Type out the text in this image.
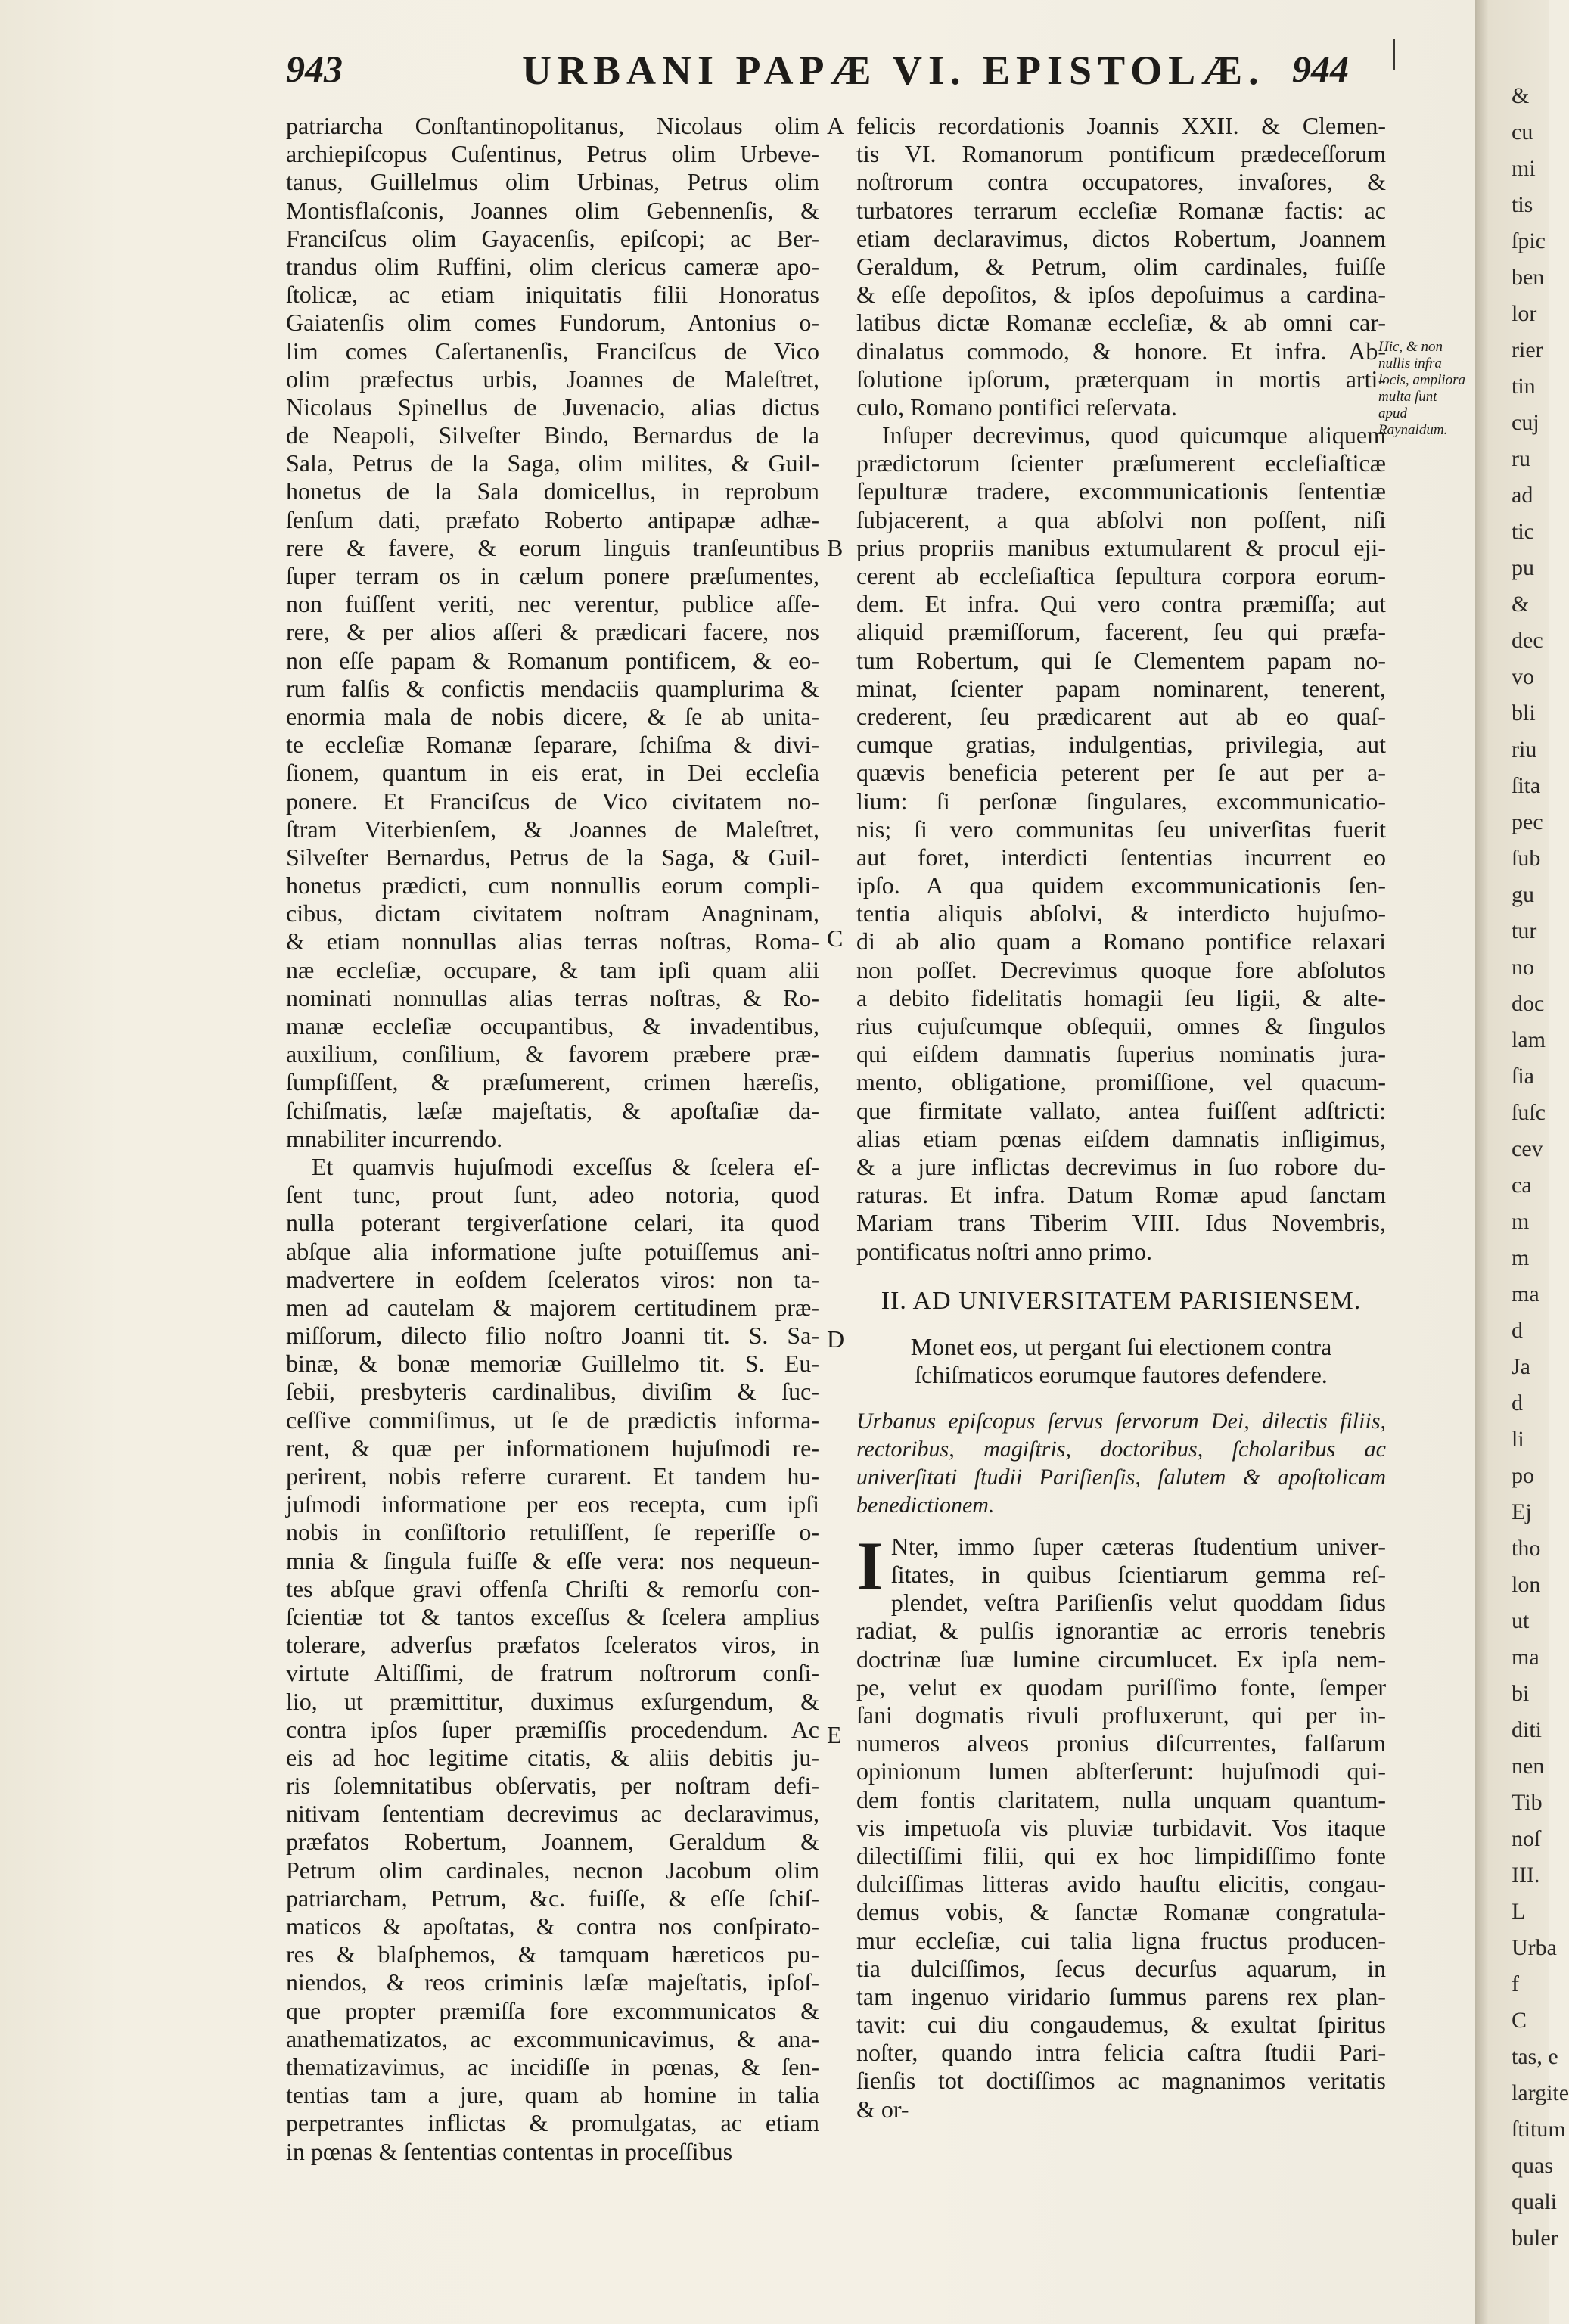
943	URBANI PAPÆ VI. EPISTOLÆ. 944
patriarcha Conſtantinopolitanus, Nicolaus olim
archiepiſcopus Cuſentinus, Petrus olim Urbeve-
tanus, Guillelmus olim Urbinas, Petrus olim
Montisflaſconis, Joannes olim Gebennenſis, &
Franciſcus olim Gayacenſis, epiſcopi; ac Ber-
trandus olim Ruffini, olim clericus cameræ apo-
ſtolicæ, ac etiam iniquitatis filii Honoratus
Gaiatenſis olim comes Fundorum, Antonius o-
lim comes Caſertanenſis, Franciſcus de Vico
olim præfectus urbis, Joannes de Maleſtret,
Nicolaus Spinellus de Juvenacio, alias dictus
de Neapoli, Silveſter Bindo, Bernardus de la
Sala, Petrus de la Saga, olim milites, & Guil-
honetus de la Sala domicellus, in reprobum
ſenſum dati, præfato Roberto antipapæ adhæ-
rere & favere, & eorum linguis tranſeuntibus
ſuper terram os in cælum ponere præſumentes,
non fuiſſent veriti, nec verentur, publice aſſe-
rere, & per alios aſſeri & prædicari facere, nos
non eſſe papam & Romanum pontificem, & eo-
rum falſis & confictis mendaciis quamplurima &
enormia mala de nobis dicere, & ſe ab unita-
te eccleſiæ Romanæ ſeparare, ſchiſma & divi-
ſionem, quantum in eis erat, in Dei eccleſia
ponere. Et Franciſcus de Vico civitatem no-
ſtram Viterbienſem, & Joannes de Maleſtret,
Silveſter Bernardus, Petrus de la Saga, & Guil-
honetus prædicti, cum nonnullis eorum compli-
cibus, dictam civitatem noſtram Anagninam,
& etiam nonnullas alias terras noſtras, Roma-
næ eccleſiæ, occupare, & tam ipſi quam alii
nominati nonnullas alias terras noſtras, & Ro-
manæ eccleſiæ occupantibus, & invadentibus,
auxilium, conſilium, & favorem præbere præ-
ſumpſiſſent, & præſumerent, crimen hæreſis,
ſchiſmatis, læſæ majeſtatis, & apoſtaſiæ da-
mnabiliter incurrendo.
Et quamvis hujuſmodi exceſſus & ſcelera eſ-
ſent tunc, prout ſunt, adeo notoria, quod
nulla poterant tergiverſatione celari, ita quod
abſque alia informatione juſte potuiſſemus ani-
madvertere in eoſdem ſceleratos viros: non ta-
men ad cautelam & majorem certitudinem præ-
miſſorum, dilecto filio noſtro Joanni tit. S. Sa-
binæ, & bonæ memoriæ Guillelmo tit. S. Eu-
ſebii, presbyteris cardinalibus, diviſim & ſuc-
ceſſive commiſimus, ut ſe de prædictis informa-
rent, & quæ per informationem hujuſmodi re-
perirent, nobis referre curarent. Et tandem hu-
juſmodi informatione per eos recepta, cum ipſi
nobis in conſiſtorio retuliſſent, ſe reperiſſe o-
mnia & ſingula fuiſſe & eſſe vera: nos nequeun-
tes abſque gravi offenſa Chriſti & remorſu con-
ſcientiæ tot & tantos exceſſus & ſcelera amplius
tolerare, adverſus præfatos ſceleratos viros, in
virtute Altiſſimi, de fratrum noſtrorum conſi-
lio, ut præmittitur, duximus exſurgendum, &
contra ipſos ſuper præmiſſis procedendum. Ac
eis ad hoc legitime citatis, & aliis debitis ju-
ris ſolemnitatibus obſervatis, per noſtram defi-
nitivam ſententiam decrevimus ac declaravimus,
præfatos Robertum, Joannem, Geraldum &
Petrum olim cardinales, necnon Jacobum olim
patriarcham, Petrum, &c. fuiſſe, & eſſe ſchiſ-
maticos & apoſtatas, & contra nos conſpirato-
res & blaſphemos, & tamquam hæreticos pu-
niendos, & reos criminis læſæ majeſtatis, ipſoſ-
que propter præmiſſa fore excommunicatos &
anathematizatos, ac excommunicavimus, & ana-
thematizavimus, ac incidiſſe in pœnas, & ſen-
tentias tam a jure, quam ab homine in talia
perpetrantes inflictas & promulgatas, ac etiam
in pœnas & ſententias contentas in proceſſibus
felicis recordationis Joannis XXII. & Clemen-
tis VI. Romanorum pontificum prædeceſſorum
noſtrorum contra occupatores, invaſores, &
turbatores terrarum eccleſiæ Romanæ factis: ac
etiam declaravimus, dictos Robertum, Joannem
Geraldum, & Petrum, olim cardinales, fuiſſe
& eſſe depoſitos, & ipſos depoſuimus a cardina-
latibus dictæ Romanæ eccleſiæ, & ab omni car-
dinalatus commodo, & honore. Et infra. Ab-
ſolutione ipſorum, præterquam in mortis arti-
culo, Romano pontifici reſervata.
Inſuper decrevimus, quod quicumque aliquem
prædictorum ſcienter præſumerent eccleſiaſticæ
ſepulturæ tradere, excommunicationis ſententiæ
ſubjacerent, a qua abſolvi non poſſent, niſi
prius propriis manibus extumularent & procul eji-
cerent ab eccleſiaſtica ſepultura corpora eorum-
dem. Et infra. Qui vero contra præmiſſa; aut
aliquid præmiſſorum, facerent, ſeu qui præfa-
tum Robertum, qui ſe Clementem papam no-
minat, ſcienter papam nominarent, tenerent,
crederent, ſeu prædicarent aut ab eo quaſ-
cumque gratias, indulgentias, privilegia, aut
quævis beneficia peterent per ſe aut per a-
lium: ſi perſonæ ſingulares, excommunicatio-
nis; ſi vero communitas ſeu univerſitas fuerit
aut foret, interdicti ſententias incurrent eo
ipſo. A qua quidem excommunicationis ſen-
tentia aliquis abſolvi, & interdicto hujuſmo-
di ab alio quam a Romano pontifice relaxari
non poſſet. Decrevimus quoque fore abſolutos
a debito fidelitatis homagii ſeu ligii, & alte-
rius cujuſcumque obſequii, omnes & ſingulos
qui eiſdem damnatis ſuperius nominatis jura-
mento, obligatione, promiſſione, vel quacum-
que firmitate vallato, antea fuiſſent adſtricti:
alias etiam pœnas eiſdem damnatis inſligimus,
& a jure inflictas decrevimus in ſuo robore du-
raturas. Et infra. Datum Romæ apud ſanctam
Mariam trans Tiberim VIII. Idus Novembris,
pontificatus noſtri anno primo.
II. AD UNIVERSITATEM PARISIENSEM.
Monet eos, ut pergant ſui electionem contra ſchiſmaticos eorumque fautores defendere.
Urbanus epiſcopus ſervus ſervorum Dei, dilectis filiis, rectoribus, magiſtris, doctoribus, ſcholaribus ac univerſitati ſtudii Pariſienſis, ſalutem & apoſtolicam benedictionem.
I Nter, immo ſuper cæteras ſtudentium univer-
ſitates, in quibus ſcientiarum gemma reſ-
plendet, veſtra Pariſienſis velut quoddam ſidus
radiat, & pulſis ignorantiæ ac erroris tenebris
doctrinæ ſuæ lumine circumlucet. Ex ipſa nem-
pe, velut ex quodam puriſſimo fonte, ſemper
ſani dogmatis rivuli profluxerunt, qui per in-
numeros alveos pronius diſcurrentes, falſarum
opinionum lumen abſterſerunt: hujuſmodi qui-
dem fontis claritatem, nulla unquam quantum-
vis impetuoſa vis pluviæ turbidavit. Vos itaque
dilectiſſimi filii, qui ex hoc limpidiſſimo fonte
dulciſſimas litteras avido hauſtu elicitis, congau-
demus vobis, & ſanctæ Romanæ congratula-
mur eccleſiæ, cui talia ligna fructus producen-
tia dulciſſimos, ſecus decurſus aquarum, in
tam ingenuo viridario ſummus parens rex plan-
tavit: cui diu congaudemus, & exultat ſpiritus
noſter, quando intra felicia caſtra ſtudii Pari-
ſienſis tot doctiſſimos ac magnanimos veritatis
& or-
A
B
C
D
E
Hic, & non nullis infra locis, ampliora multa ſunt apud Raynaldum.
&
cu
mi
tis
ſpic
ben
lor
rier
tin
cuj
ru
ad
tic
pu
&
dec
vo
bli
riu
ſita
pec
ſub
gu
tur
no
doc
lam
ſia
ſuſc
cev
ca
m
m
ma
d
Ja
d
li
po
Ej
tho
lon
ut
ma
bi
diti
nen
Tib
noſ
III.
L
Urba
f
C
tas, e
largite
ſtitum
quas
quali
buler
